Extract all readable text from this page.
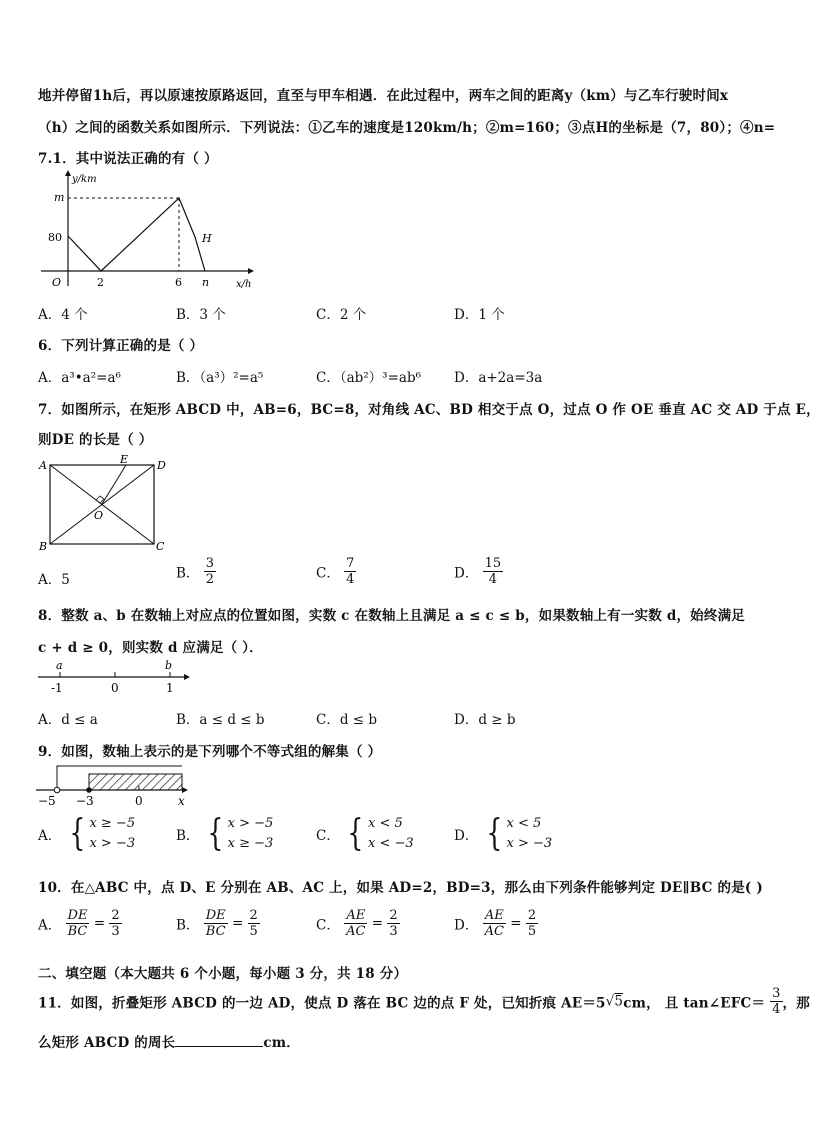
地并停留1h后，再以原速按原路返回，直至与甲车相遇．在此过程中，两车之间的距离y（km）与乙车行驶时间x
（h）之间的函数关系如图所示．下列说法：①乙车的速度是120km/h；②m=160；③点H的坐标是（7，80）；④n=
7.1．其中说法正确的有（ ）
y/km
x/h
m
80
O	2	6 n
H
A．4 个	B．3 个	C．2 个	D．1 个
6．下列计算正确的是（ ）
A．a³•a²=a⁶	B．（a³）²=a⁵	C．（ab²）³=ab⁶ D．a+2a=3a
7．如图所示，在矩形 ABCD 中，AB=6，BC=8，对角线 AC、BD 相交于点 O，过点 O 作 OE 垂直 AC 交 AD 于点 E，
则DE 的长是（ ）
A
B	C
D
E
O
A．5	B． $\frac{3}{2}$	C． $\frac{7}{4}$	D． $\frac{15}{4}$
8．整数 a、b 在数轴上对应点的位置如图，实数 c 在数轴上且满足 a ≤ c ≤ b，如果数轴上有一实数 d，始终满足
c + d ≥ 0，则实数 d 应满足（ ）．
a	b
-1	0	1
A．d ≤ a	B．a ≤ d ≤ b	C．d ≤ b	D．d ≥ b
9．如图，数轴上表示的是下列哪个不等式组的解集（ ）
−5 −3	0	x
A． { x ≥ −5
x > −3	B． { x > −5
x ≥ −3	C． { x < 5
x < −3	D． { x < 5
x > −3
10．在△ABC 中，点 D、E 分别在 AB、AC 上，如果 AD=2，BD=3，那么由下列条件能够判定 DE∥BC 的是( )
A． $\frac{DE}{BC} = \frac{2}{3}$	B． $\frac{DE}{BC} = \frac{2}{5}$	C． $\frac{AE}{AC} = \frac{2}{3}$	D． $\frac{AE}{AC} = \frac{2}{5}$
二、填空题（本大题共 6 个小题，每小题 3 分，共 18 分）
11．如图，折叠矩形 ABCD 的一边 AD，使点 D 落在 BC 边的点 F 处，已知折痕 AE＝5√5cm， 且 tan∠EFC＝ $\frac{3}{4}$ ，那
么矩形 ABCD 的周长	cm．
